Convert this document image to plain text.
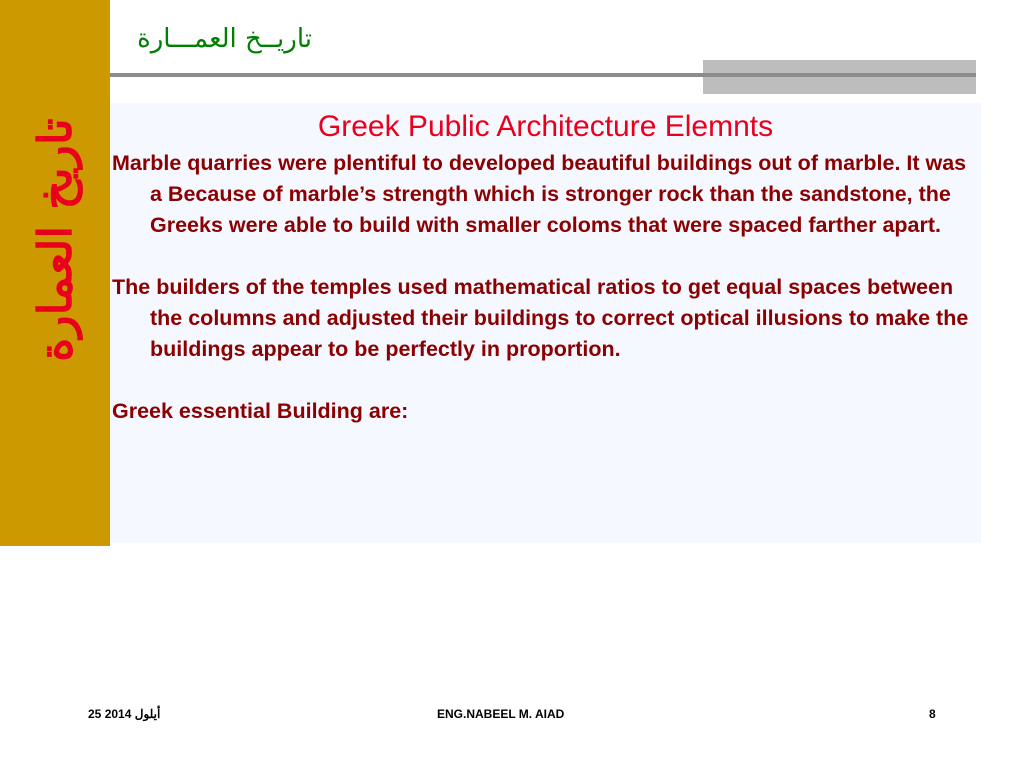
تاريخ العمارة
تاريــخ العمـــارة
Greek Public Architecture Elemnts

Marble quarries were plentiful to developed beautiful buildings out of marble. It was a Because of marble’s strength which is stronger rock than the sandstone, the Greeks were able to build with smaller coloms that were spaced farther apart.

The builders of the temples used mathematical ratios to get equal spaces between the columns and adjusted their buildings to correct optical illusions to make the buildings appear to be perfectly in proportion.

Greek essential Building are:

25 أيلول 2014	ENG.NABEEL M. AIAD	8
